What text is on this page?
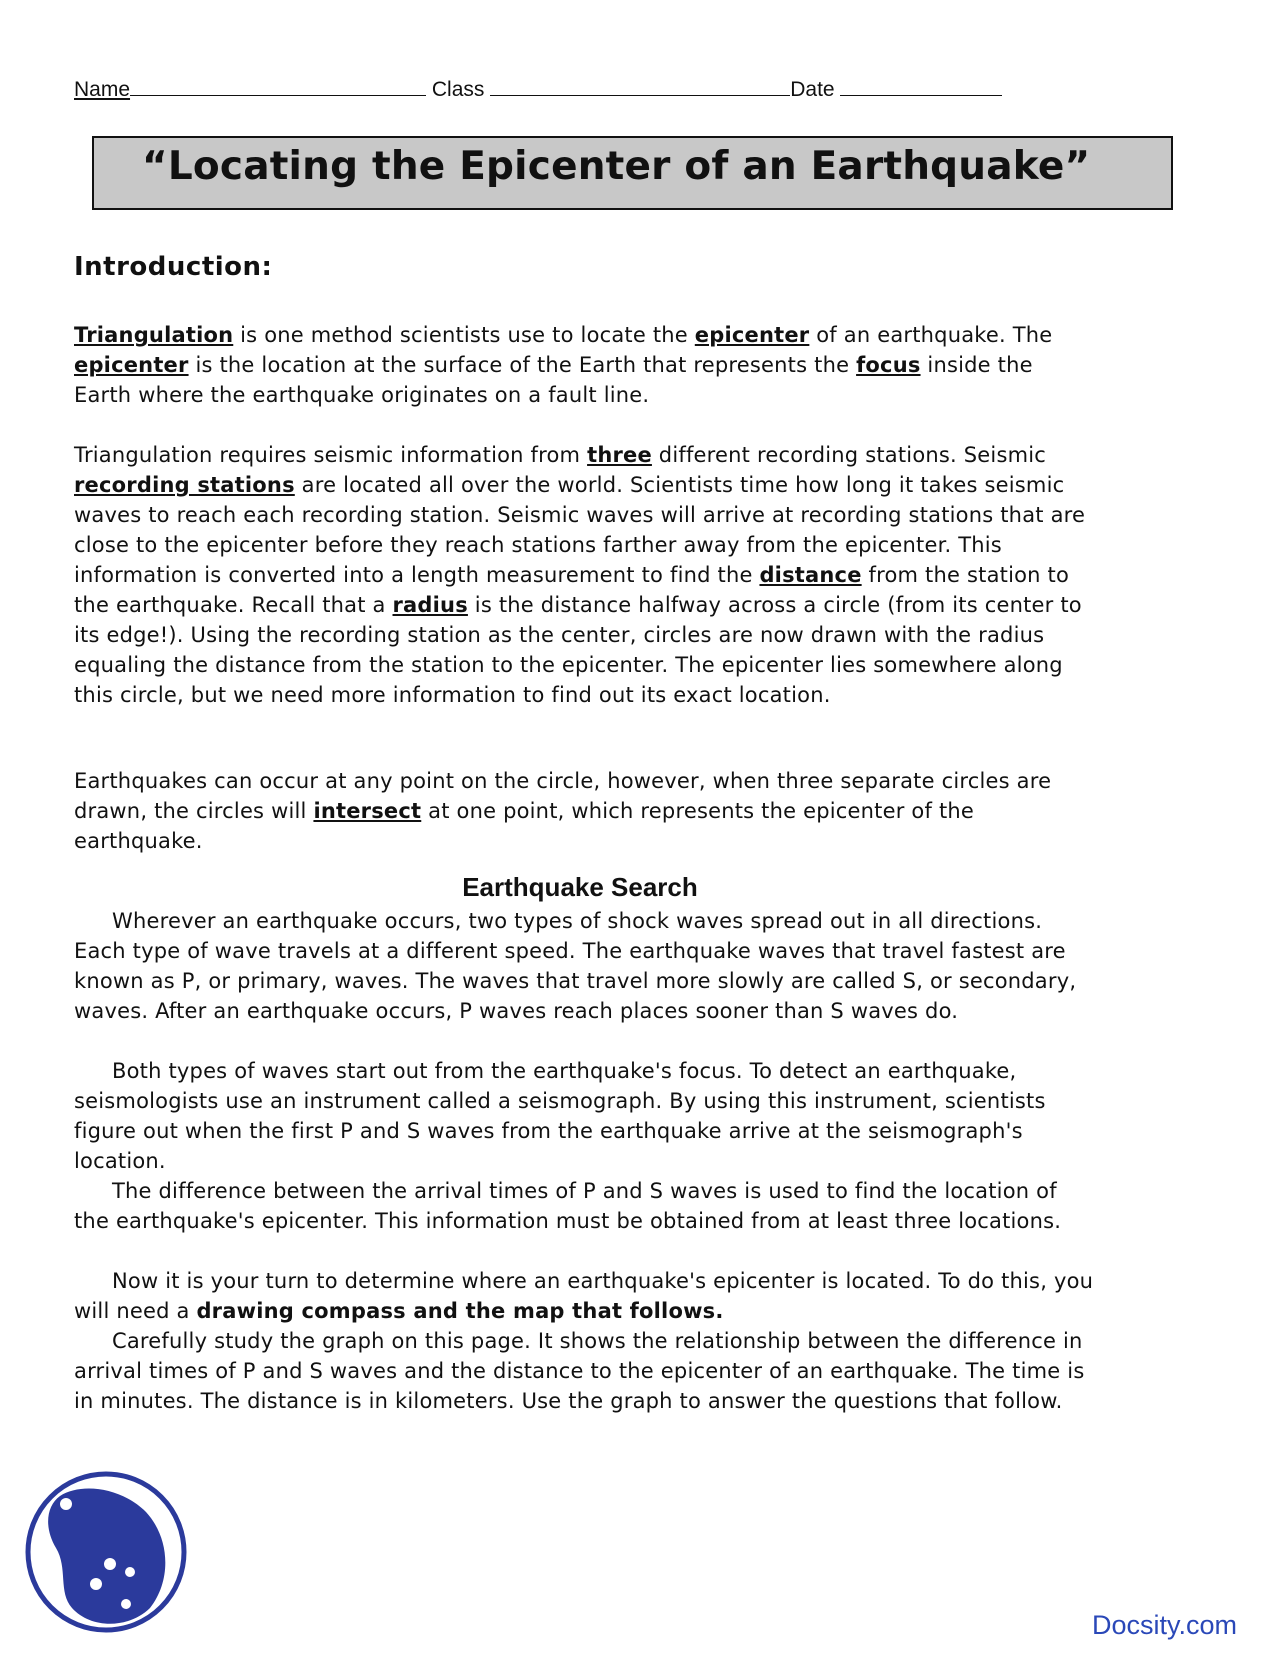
Name	Class	Date
“Locating the Epicenter of an Earthquake”
Introduction:

Triangulation is one method scientists use to locate the epicenter of an earthquake. The epicenter is the location at the surface of the Earth that represents the focus inside the Earth where the earthquake originates on a fault line.

Triangulation requires seismic information from three different recording stations. Seismic recording stations are located all over the world. Scientists time how long it takes seismic waves to reach each recording station. Seismic waves will arrive at recording stations that are close to the epicenter before they reach stations farther away from the epicenter. This information is converted into a length measurement to find the distance from the station to the earthquake. Recall that a radius is the distance halfway across a circle (from its center to its edge!). Using the recording station as the center, circles are now drawn with the radius equaling the distance from the station to the epicenter. The epicenter lies somewhere along this circle, but we need more information to find out its exact location.

Earthquakes can occur at any point on the circle, however, when three separate circles are drawn, the circles will intersect at one point, which represents the epicenter of the earthquake.

Earthquake Search

Wherever an earthquake occurs, two types of shock waves spread out in all directions. Each type of wave travels at a different speed. The earthquake waves that travel fastest are known as P, or primary, waves. The waves that travel more slowly are called S, or secondary, waves. After an earthquake occurs, P waves reach places sooner than S waves do.

Both types of waves start out from the earthquake's focus. To detect an earthquake, seismologists use an instrument called a seismograph. By using this instrument, scientists figure out when the first P and S waves from the earthquake arrive at the seismograph's location.

The difference between the arrival times of P and S waves is used to find the location of the earthquake's epicenter. This information must be obtained from at least three locations.

Now it is your turn to determine where an earthquake's epicenter is located. To do this, you will need a drawing compass and the map that follows.

Carefully study the graph on this page. It shows the relationship between the difference in arrival times of P and S waves and the distance to the epicenter of an earthquake. The time is in minutes. The distance is in kilometers. Use the graph to answer the questions that follow.

Docsity.com
